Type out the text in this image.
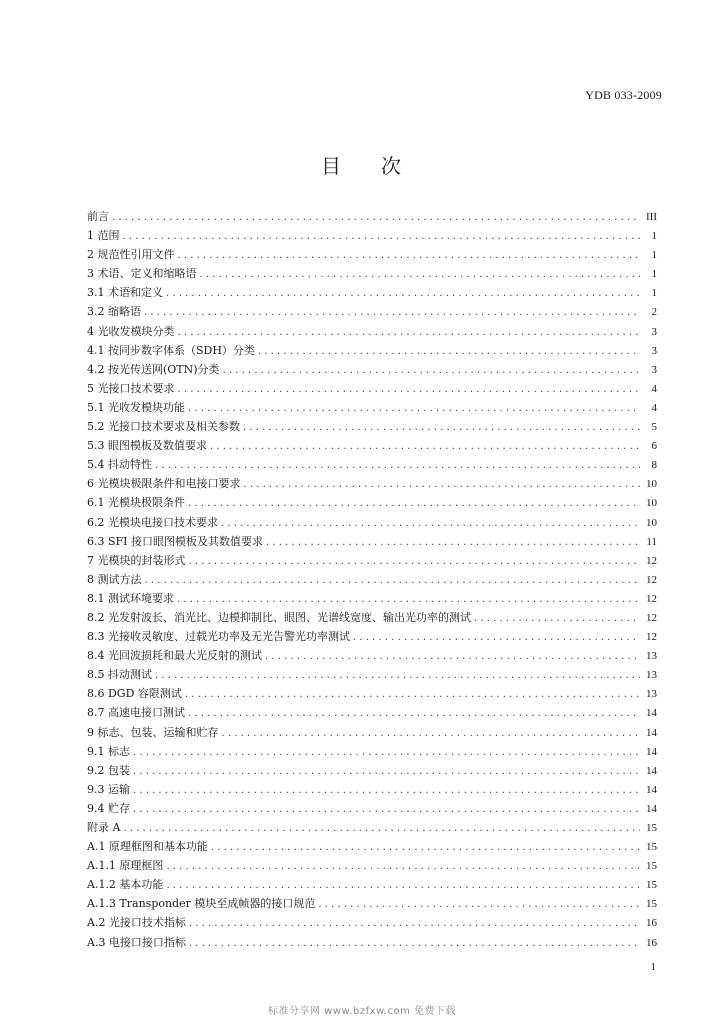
YDB 033-2009
目 次
前言 . . .	III
1 范围 . . .	1
2 规范性引用文件 . . .	1
3 术语、定义和缩略语 . . .	1
3.1 术语和定义 . . .	1
3.2 缩略语 . . .	2
4 光收发模块分类 . . .	3
4.1 按同步数字体系（SDH）分类 . . .	3
4.2 按光传送网(OTN)分类 . . .	3
5 光接口技术要求 . . .	4
5.1 光收发模块功能 . . .	4
5.2 光接口技术要求及相关参数 . . .	5
5.3 眼图模板及数值要求 . . .	6
5.4 抖动特性 . . .	8
6 光模块极限条件和电接口要求 . . .	10
6.1 光模块极限条件 . . .	10
6.2 光模块电接口技术要求 . . .	10
6.3 SFI 接口眼图模板及其数值要求 . . .	11
7 光模块的封装形式 . . .	12
8 测试方法 . . .	12
8.1 测试环境要求 . . .	12
8.2 光发射波长、消光比、边模抑制比、眼图、光谱线宽度、输出光功率的测试 . . .	12
8.3 光接收灵敏度、过载光功率及无光告警光功率测试 . . .	12
8.4 光回波损耗和最大光反射的测试 . . .	13
8.5 抖动测试 . . .	13
8.6 DGD 容限测试 . . .	13
8.7 高速电接口测试 . . .	14
9 标志、包装、运输和贮存 . . .	14
9.1 标志 . . .	14
9.2 包装 . . .	14
9.3 运输 . . .	14
9.4 贮存 . . .	14
附录 A . . .	15
A.1 原理框图和基本功能 . . .	15
A.1.1 原理框图 . . .	15
A.1.2 基本功能 . . .	15
A.1.3 Transponder 模块至成帧器的接口规范 . . .	15
A.2 光接口技术指标 . . .	16
A.3 电接口接口指标 . . .	16
1
标准分享网 www.bzfxw.com 免费下载
